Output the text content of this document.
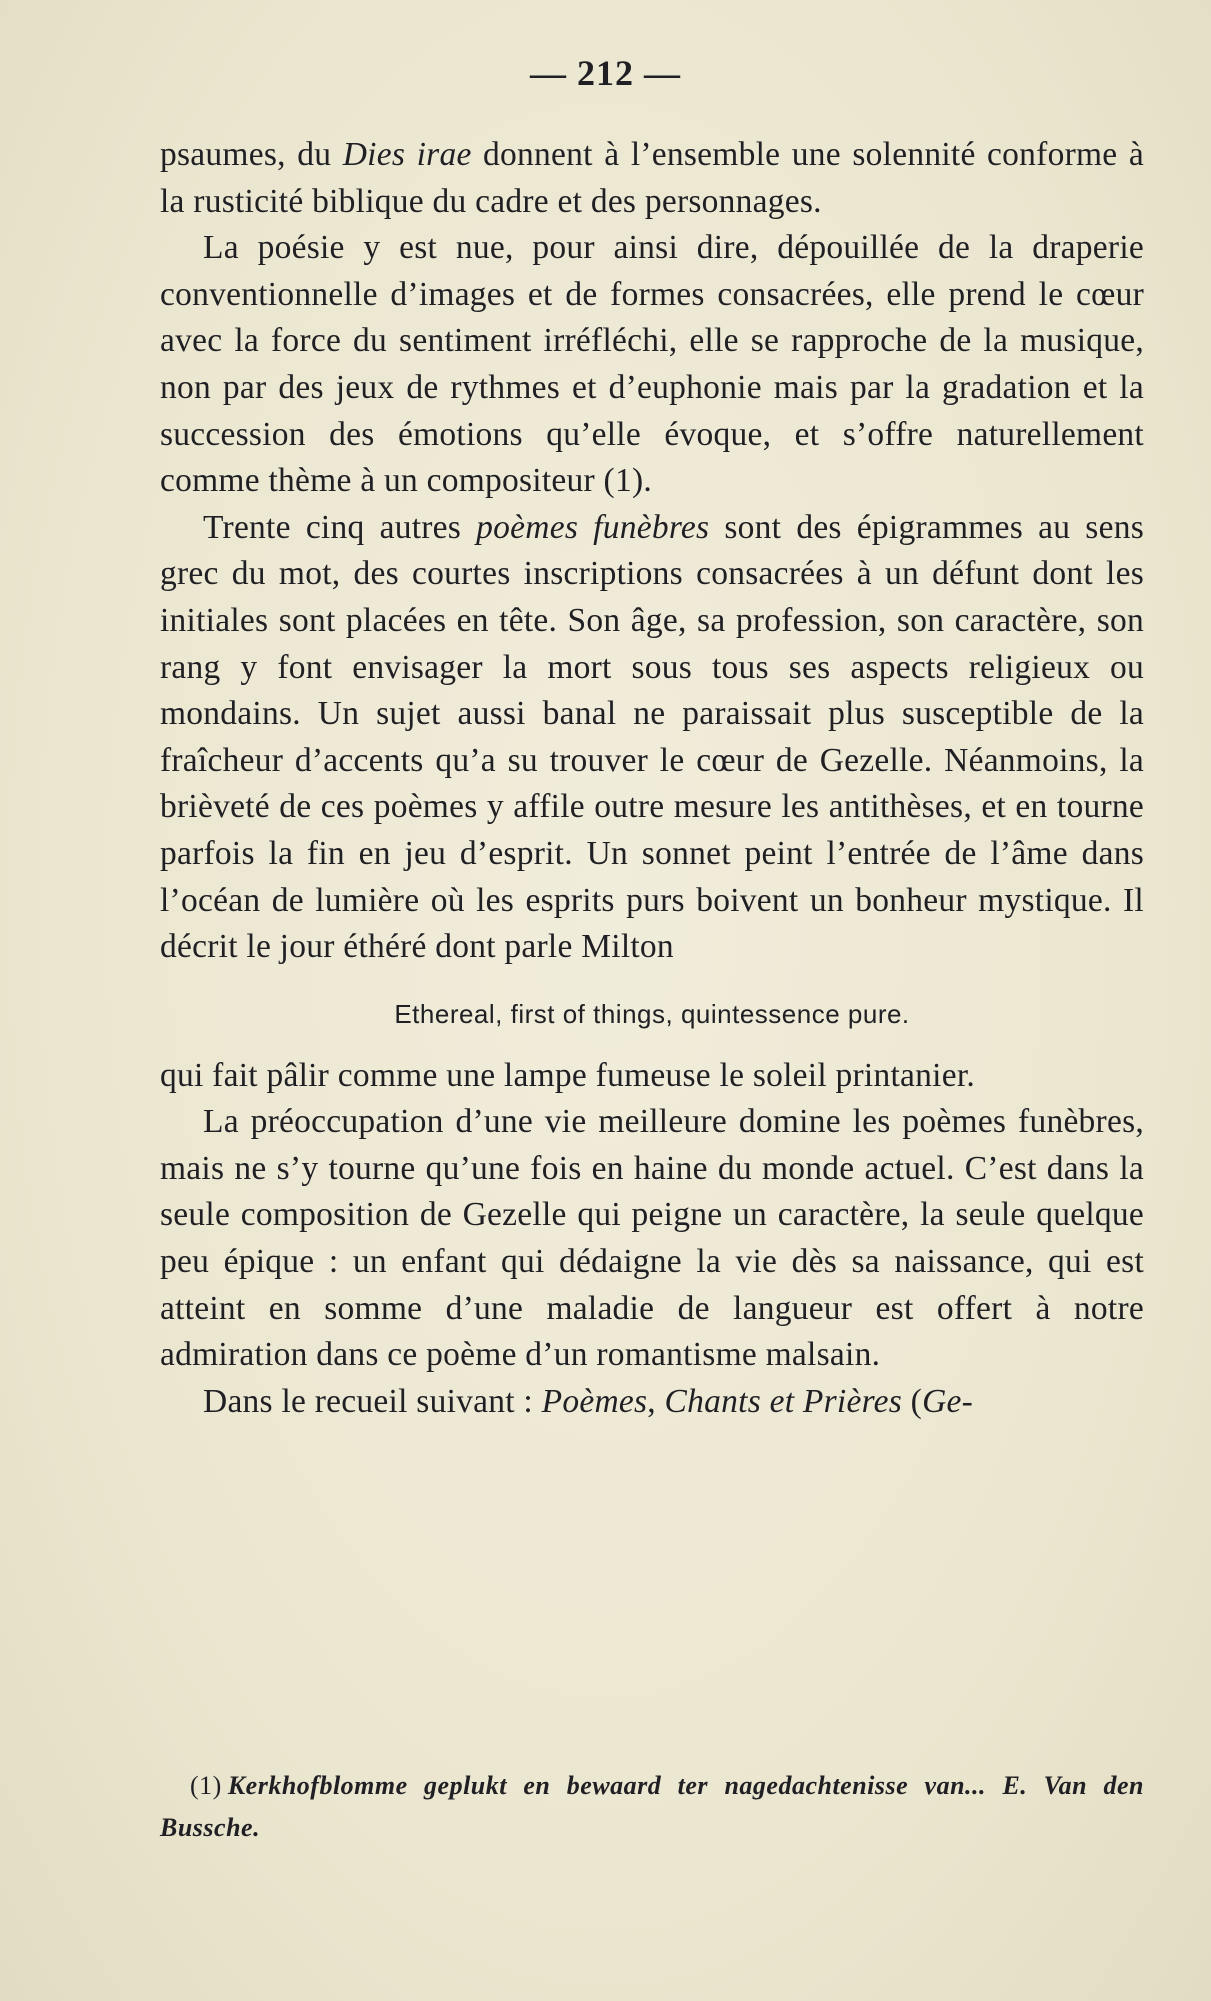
— 212 —

psaumes, du Dies irae donnent à l’ensemble une solennité conforme à la rusticité biblique du cadre et des personnages.

La poésie y est nue, pour ainsi dire, dépouillée de la draperie conventionnelle d’images et de formes consacrées, elle prend le cœur avec la force du sentiment irréfléchi, elle se rapproche de la musique, non par des jeux de rythmes et d’euphonie mais par la gradation et la succession des émotions qu’elle évoque, et s’offre naturellement comme thème à un compositeur (1).

Trente cinq autres poèmes funèbres sont des épigrammes au sens grec du mot, des courtes inscriptions consacrées à un défunt dont les initiales sont placées en tête. Son âge, sa profession, son caractère, son rang y font envisager la mort sous tous ses aspects religieux ou mondains. Un sujet aussi banal ne paraissait plus susceptible de la fraîcheur d’accents qu’a su trouver le cœur de Gezelle. Néanmoins, la brièveté de ces poèmes y affile outre mesure les antithèses, et en tourne parfois la fin en jeu d’esprit. Un sonnet peint l’entrée de l’âme dans l’océan de lumière où les esprits purs boivent un bonheur mystique. Il décrit le jour éthéré dont parle Milton

Ethereal, first of things, quintessence pure.

qui fait pâlir comme une lampe fumeuse le soleil printanier.

La préoccupation d’une vie meilleure domine les poèmes funèbres, mais ne s’y tourne qu’une fois en haine du monde actuel. C’est dans la seule composition de Gezelle qui peigne un caractère, la seule quelque peu épique : un enfant qui dédaigne la vie dès sa naissance, qui est atteint en somme d’une maladie de langueur est offert à notre admiration dans ce poème d’un romantisme malsain.

Dans le recueil suivant : Poèmes, Chants et Prières (Ge-

(1) Kerkhofblomme geplukt en bewaard ter nagedachtenisse van... E. Van den Bussche.
